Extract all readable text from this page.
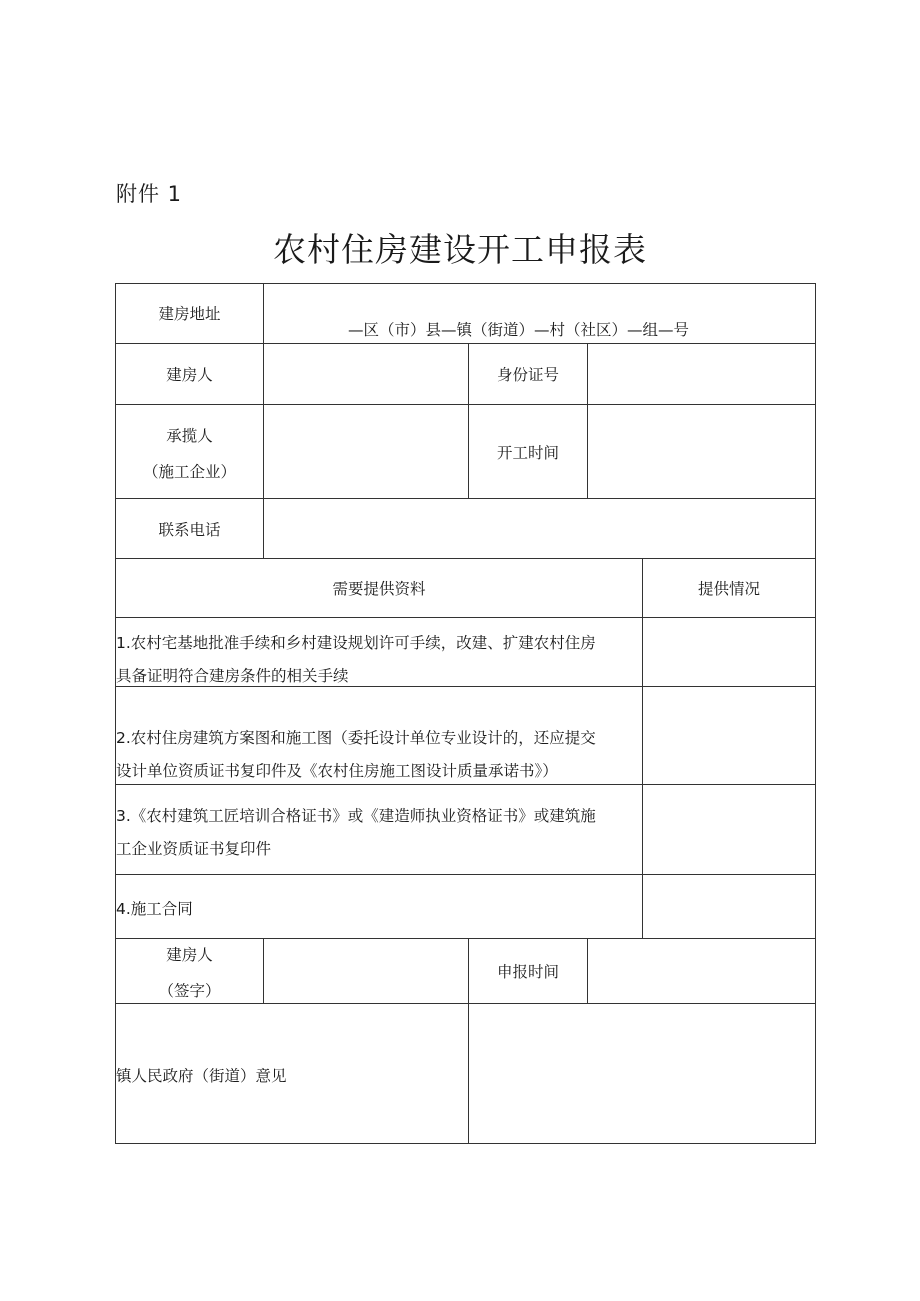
附件 1
农村住房建设开工申报表
建房地址
—区（市）县—镇（街道）—村（社区）—组—号
建房人	身份证号
承揽人
（施工企业）
开工时间
联系电话
需要提供资料	提供情况
1.农村宅基地批准手续和乡村建设规划许可手续，改建、扩建农村住房
具备证明符合建房条件的相关手续
2.农村住房建筑方案图和施工图（委托设计单位专业设计的，还应提交
设计单位资质证书复印件及《农村住房施工图设计质量承诺书》）
3.《农村建筑工匠培训合格证书》或《建造师执业资格证书》或建筑施
工企业资质证书复印件
4.施工合同
建房人
（签字）
申报时间
镇人民政府（街道）意见
